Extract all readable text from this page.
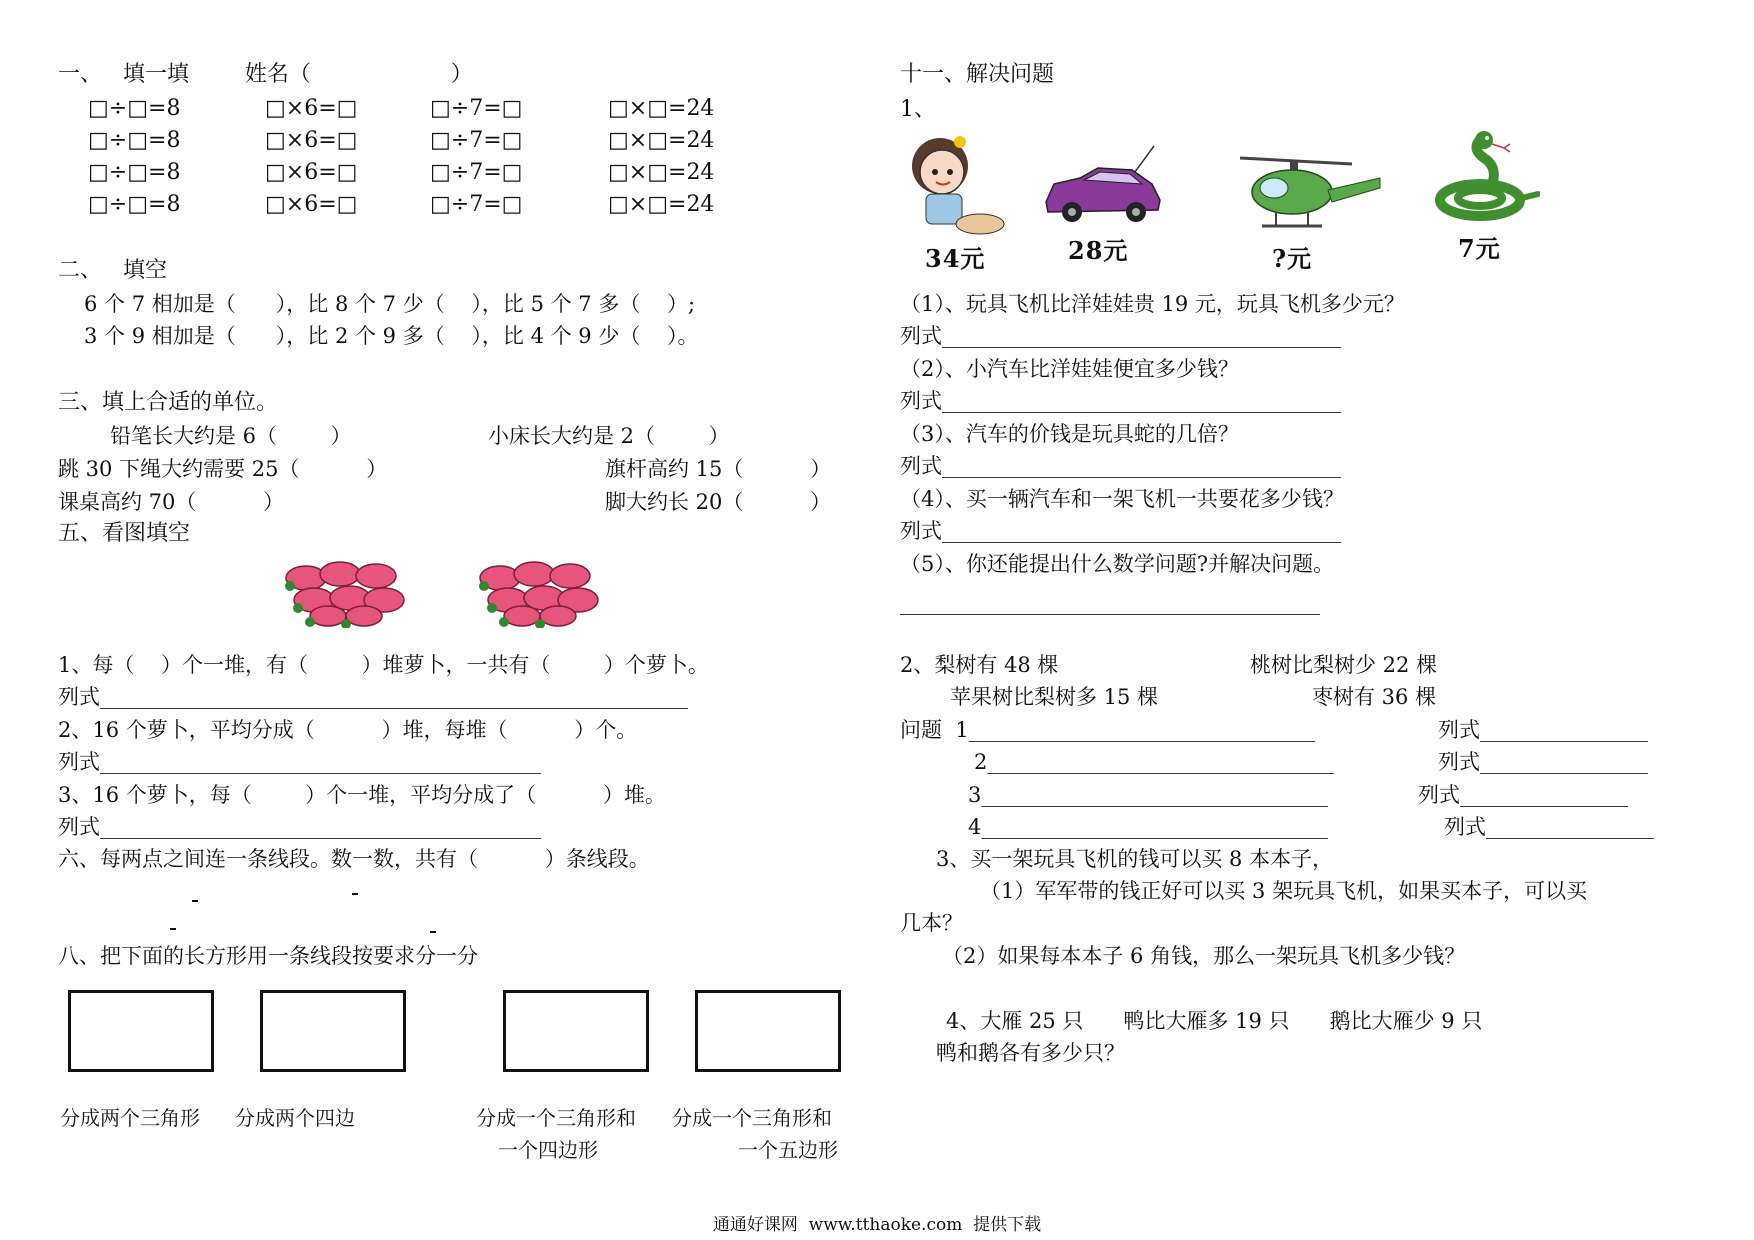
一、   填一填        姓名（                    ）
□÷□=8	□×6=□	□÷7=□	□×□=24
□÷□=8	□×6=□	□÷7=□	□×□=24
□÷□=8	□×6=□	□÷7=□	□×□=24
□÷□=8	□×6=□	□÷7=□	□×□=24
二、   填空
6 个 7 相加是（      ），比 8 个 7 少（    ），比 5 个 7 多（    ）;
3 个 9 相加是（      ），比 2 个 9 多（    ），比 4 个 9 少（    ）。
三、填上合适的单位。
铅笔长大约是 6（        ）	小床长大约是 2（        ）
跳 30 下绳大约需要 25（          ）	旗杆高约 15（          ）
课桌高约 70（          ）	脚大约长 20（          ）
五、看图填空
1、每（    ）个一堆，有（        ）堆萝卜，一共有（        ）个萝卜。
列式________________________________________________________
2、16 个萝卜，平均分成（          ）堆，每堆（          ）个。
列式__________________________________________
3、16 个萝卜，每（        ）个一堆，平均分成了（          ）堆。
列式__________________________________________
六、每两点之间连一条线段。数一数，共有（          ）条线段。
八、把下面的长方形用一条线段按要求分一分
分成两个三角形 分成两个四边	分成一个三角形和
一个四边形
分成一个三角形和
一个五边形
十一、解决问题
1、
34元	28元	?元	7元
（1）、玩具飞机比洋娃娃贵 19 元，玩具飞机多少元？
列式______________________________________
（2）、小汽车比洋娃娃便宜多少钱？
列式______________________________________
（3）、汽车的价钱是玩具蛇的几倍？
列式______________________________________
（4）、买一辆汽车和一架飞机一共要花多少钱？
列式______________________________________
（5）、你还能提出什么数学问题?并解决问题。
________________________________________
2、梨树有 48 棵	桃树比梨树少 22 棵
苹果树比梨树多 15 棵	枣树有 36 棵
问题  1_________________________________	列式________________
2_________________________________	列式________________
3_________________________________	列式________________
4_________________________________	列式________________
3、买一架玩具飞机的钱可以买 8 本本子，
（1）军军带的钱正好可以买 3 架玩具飞机，如果买本子，可以买
几本？
（2）如果每本本子 6 角钱，那么一架玩具飞机多少钱？
4、大雁 25 只      鸭比大雁多 19 只      鹅比大雁少 9 只
鸭和鹅各有多少只？
通通好课网  www.tthaoke.com  提供下载
